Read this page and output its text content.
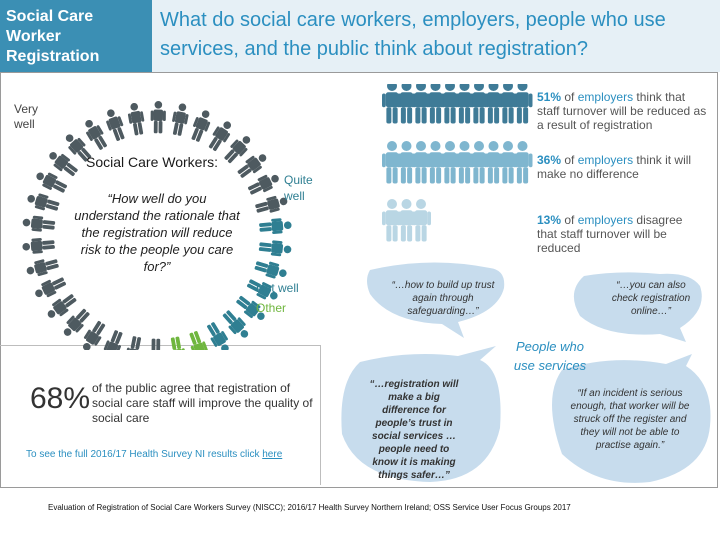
Social Care
Worker
Registration
What do social care workers, employers, people who use services, and the public think about registration?
Very well
Quite well
Not well
Other
Social Care Workers:
“How well do you understand the rationale that the registration will reduce risk to the people you care for?”
51% of employers think that staff turnover will be reduced as a result of registration
36% of employers think it will make no difference
13% of employers disagree that staff turnover will be reduced
68% of the public agree that registration of social care staff will improve the quality of social care
To see the full 2016/17 Health Survey NI results click here
“…how to build up trust again through safeguarding…”
“…you can also check registration online…”
“…registration will make a big difference for people’s trust in social services … people need to know it is making things safer…”
“If an incident is serious enough, that worker will be struck off the register and they will not be able to practise again.”
People who use services
Evaluation of Registration of Social Care Workers Survey (NISCC); 2016/17 Health Survey Northern Ireland; OSS Service User Focus Groups 2017
